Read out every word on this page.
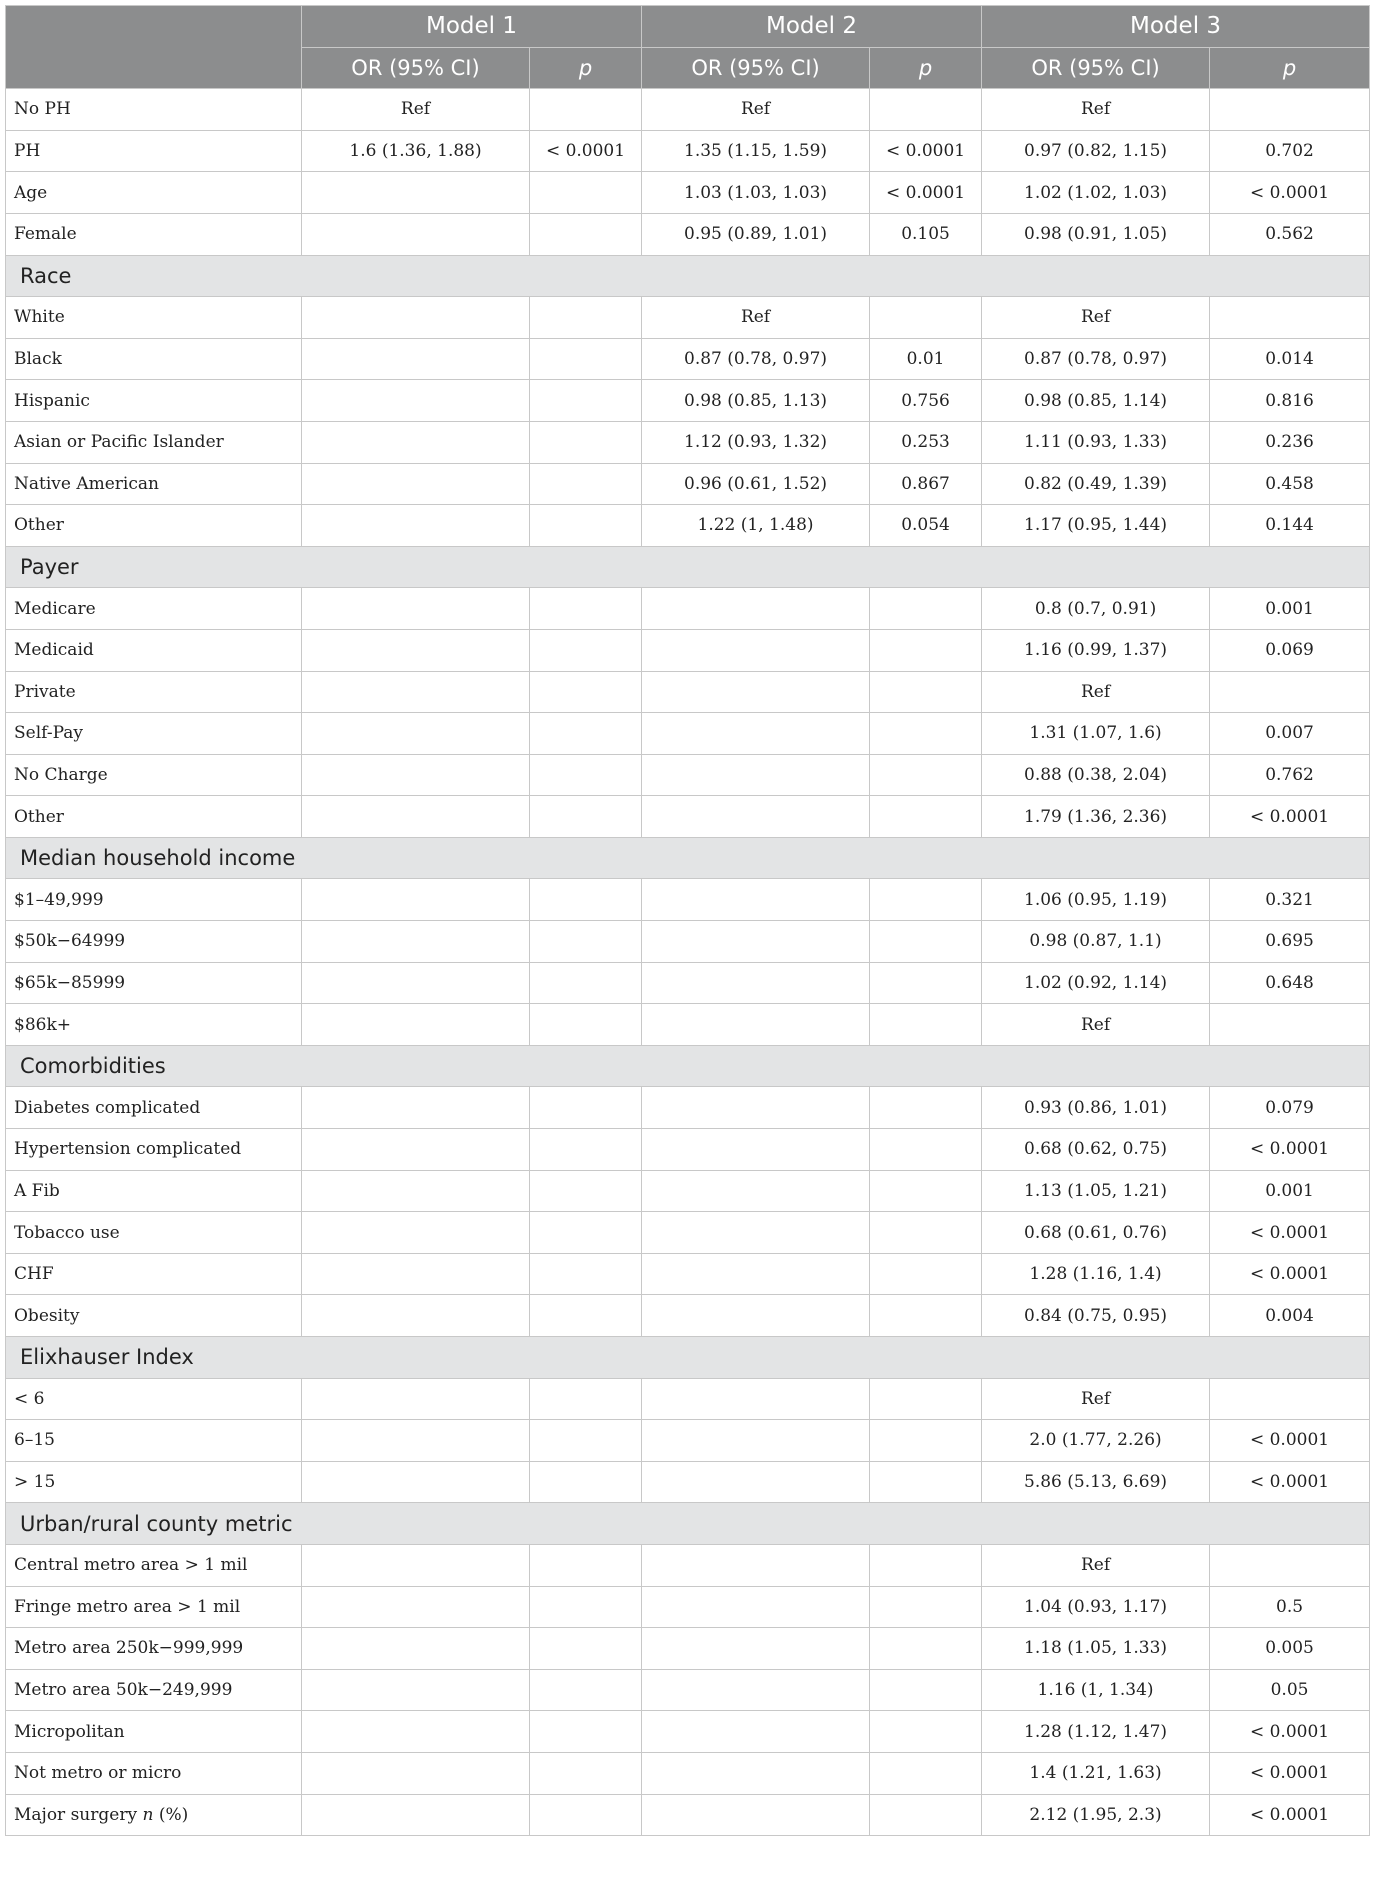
	Model 1		Model 2		Model 3	
	OR (95% CI)	p	OR (95% CI)	p	OR (95% CI)	p
No PH	Ref		Ref		Ref	
PH	1.6 (1.36, 1.88)	< 0.0001	1.35 (1.15, 1.59)	< 0.0001	0.97 (0.82, 1.15)	0.702
Age			1.03 (1.03, 1.03)	< 0.0001	1.02 (1.02, 1.03)	< 0.0001
Female			0.95 (0.89, 1.01)	0.105	0.98 (0.91, 1.05)	0.562
Race						
White			Ref		Ref	
Black			0.87 (0.78, 0.97)	0.01	0.87 (0.78, 0.97)	0.014
Hispanic			0.98 (0.85, 1.13)	0.756	0.98 (0.85, 1.14)	0.816
Asian or Pacific Islander			1.12 (0.93, 1.32)	0.253	1.11 (0.93, 1.33)	0.236
Native American			0.96 (0.61, 1.52)	0.867	0.82 (0.49, 1.39)	0.458
Other			1.22 (1, 1.48)	0.054	1.17 (0.95, 1.44)	0.144
Payer						
Medicare					0.8 (0.7, 0.91)	0.001
Medicaid					1.16 (0.99, 1.37)	0.069
Private					Ref	
Self-Pay					1.31 (1.07, 1.6)	0.007
No Charge					0.88 (0.38, 2.04)	0.762
Other					1.79 (1.36, 2.36)	< 0.0001
Median household income						
$1–49,999					1.06 (0.95, 1.19)	0.321
$50k−64999					0.98 (0.87, 1.1)	0.695
$65k−85999					1.02 (0.92, 1.14)	0.648
$86k+					Ref	
Comorbidities						
Diabetes complicated					0.93 (0.86, 1.01)	0.079
Hypertension complicated					0.68 (0.62, 0.75)	< 0.0001
A Fib					1.13 (1.05, 1.21)	0.001
Tobacco use					0.68 (0.61, 0.76)	< 0.0001
CHF					1.28 (1.16, 1.4)	< 0.0001
Obesity					0.84 (0.75, 0.95)	0.004
Elixhauser Index						
< 6					Ref	
6–15					2.0 (1.77, 2.26)	< 0.0001
> 15					5.86 (5.13, 6.69)	< 0.0001
Urban/rural county metric						
Central metro area > 1 mil					Ref	
Fringe metro area > 1 mil					1.04 (0.93, 1.17)	0.5
Metro area 250k−999,999					1.18 (1.05, 1.33)	0.005
Metro area 50k−249,999					1.16 (1, 1.34)	0.05
Micropolitan					1.28 (1.12, 1.47)	< 0.0001
Not metro or micro					1.4 (1.21, 1.63)	< 0.0001
Major surgery n (%)					2.12 (1.95, 2.3)	< 0.0001
